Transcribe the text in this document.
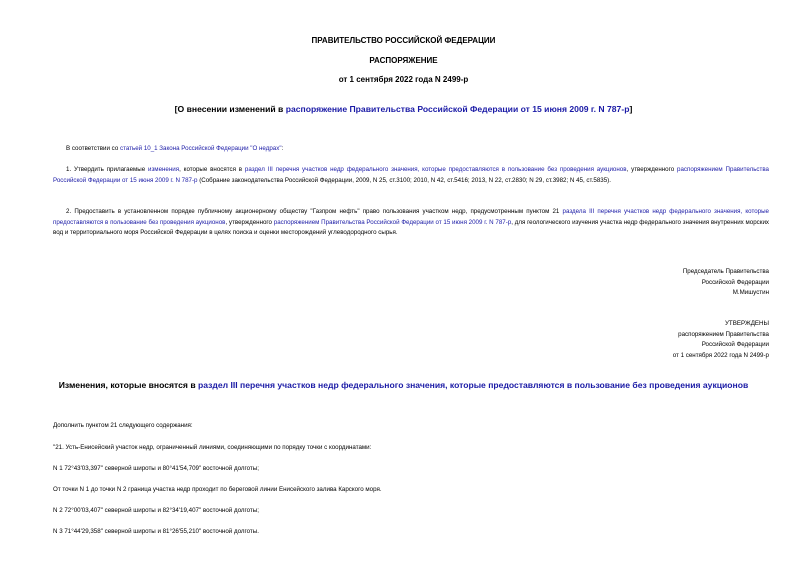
ПРАВИТЕЛЬСТВО РОССИЙСКОЙ ФЕДЕРАЦИИ
РАСПОРЯЖЕНИЕ
от 1 сентября 2022 года N 2499-р
[О внесении изменений в распоряжение Правительства Российской Федерации от 15 июня 2009 г. N 787-р]
В соответствии со статьей 10_1 Закона Российской Федерации "О недрах":
1. Утвердить прилагаемые изменения, которые вносятся в раздел III перечня участков недр федерального значения, которые предоставляются в пользование без проведения аукционов, утвержденного распоряжением Правительства Российской Федерации от 15 июня 2009 г. N 787-р (Собрание законодательства Российской Федерации, 2009, N 25, ст.3100; 2010, N 42, ст.5416; 2013, N 22, ст.2830; N 29, ст.3982; N 45, ст.5835).
2. Предоставить в установленном порядке публичному акционерному обществу "Газпром нефть" право пользования участком недр, предусмотренным пунктом 21 раздела III перечня участков недр федерального значения, которые предоставляются в пользование без проведения аукционов, утвержденного распоряжением Правительства Российской Федерации от 15 июня 2009 г. N 787-р, для геологического изучения участка недр федерального значения внутренних морских вод и территориального моря Российской Федерации в целях поиска и оценки месторождений углеводородного сырья.
Председатель Правительства
Российской Федерации
М.Мишустин
УТВЕРЖДЕНЫ
распоряжением Правительства
Российской Федерации
от 1 сентября 2022 года N 2499-р
Изменения, которые вносятся в раздел III перечня участков недр федерального значения, которые предоставляются в пользование без проведения аукционов
Дополнить пунктом 21 следующего содержания:
"21. Усть-Енисейский участок недр, ограниченный линиями, соединяющими по порядку точки с координатами:
N 1 72°43'03,397" северной широты и 80°41'54,709" восточной долготы;
От точки N 1 до точки N 2 граница участка недр проходит по береговой линии Енисейского залива Карского моря.
N 2 72°00'03,407" северной широты и 82°34'19,407" восточной долготы;
N 3 71°44'29,358" северной широты и 81°26'55,210" восточной долготы.
